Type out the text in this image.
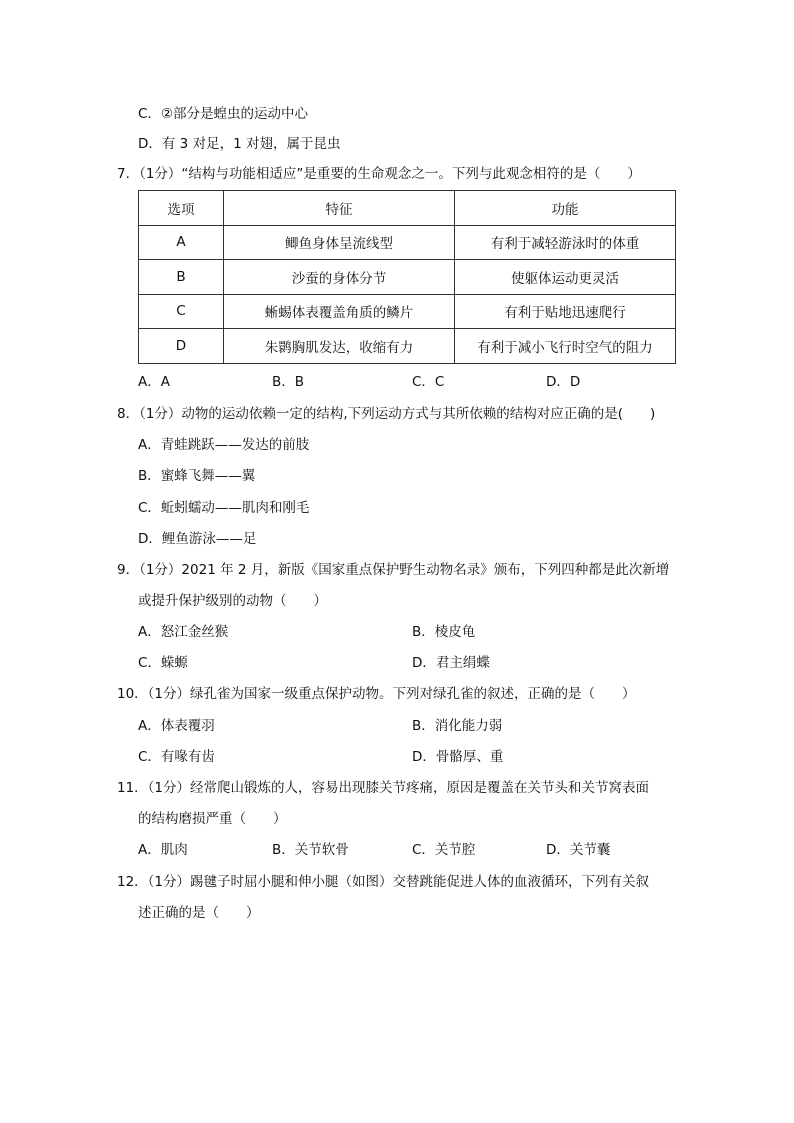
C．②部分是蝗虫的运动中心
D．有 3 对足，1 对翅，属于昆虫
7．（1分）“结构与功能相适应”是重要的生命观念之一。下列与此观念相符的是（　　）
选项	特征	功能
A	鲫鱼身体呈流线型	有利于减轻游泳时的体重
B	沙蚕的身体分节	使躯体运动更灵活
C	蜥蜴体表覆盖角质的鳞片	有利于贴地迅速爬行
D	朱鹮胸肌发达，收缩有力	有利于减小飞行时空气的阻力
A．A	B．B	C．C	D．D
8．（1分）动物的运动依赖一定的结构,下列运动方式与其所依赖的结构对应正确的是(　　)
A．青蛙跳跃——发达的前肢
B．蜜蜂飞舞——翼
C．蚯蚓蠕动——肌肉和刚毛
D．鲤鱼游泳——足
9．（1分）2021 年 2 月，新版《国家重点保护野生动物名录》颁布，下列四种都是此次新增
或提升保护级别的动物（　　）
A．怒江金丝猴	B．棱皮龟
C．蝾螈	D．君主绢蝶
10．（1分）绿孔雀为国家一级重点保护动物。下列对绿孔雀的叙述，正确的是（　　）
A．体表覆羽	B．消化能力弱
C．有喙有齿	D．骨骼厚、重
11．（1分）经常爬山锻炼的人，容易出现膝关节疼痛，原因是覆盖在关节头和关节窝表面
的结构磨损严重（　　）
A．肌肉	B．关节软骨	C．关节腔	D．关节囊
12．（1分）踢毽子时屈小腿和伸小腿（如图）交替跳能促进人体的血液循环，下列有关叙
述正确的是（　　）
